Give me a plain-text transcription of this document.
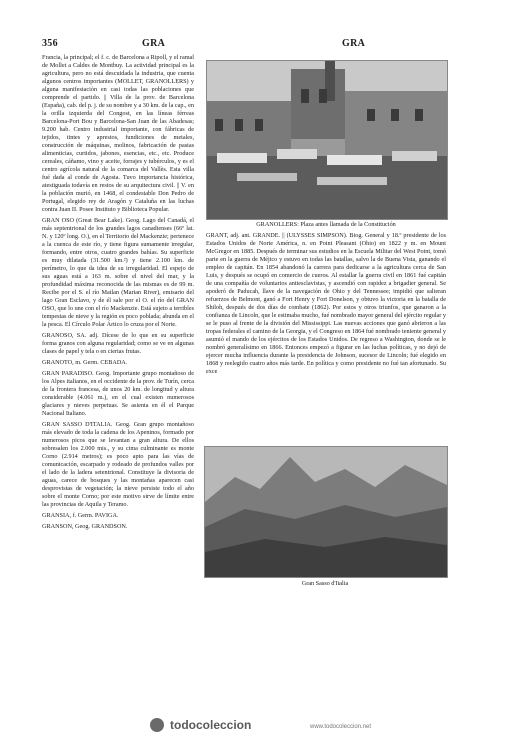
356	GRA	GRA
GRANOLLERS: Plaza antes llamada de la Constitución
Gran Sasso d'Italia

Francia, la principal; el f. c. de Barcelona a Ripoll, y el ramal de Mollet a Caldes de Montbuy. La actividad principal es la agricultura, pero no está descuidada la industria, que cuenta algunos centros importantes (MOLLET, GRANOLLERS) y alguna manifestación en casi todas las poblaciones que comprende el partido. || Villa de la prov. de Barcelona (España), cab. del p. j. de su nombre y a 30 km. de la cap., en la orilla izquierda del Congost, en las líneas férreas Barcelona-Port Bou y Barcelona-San Juan de las Abadesas; 9.200 hab. Centro industrial importante, con fábricas de tejidos, tintes y aprestos, fundiciones de metales, construcción de máquinas, molinos, fabricación de pastas alimenticias, curtidos, jabones, esencias, etc., etc. Produce cereales, cáñamo, vino y aceite, forrajes y tubérculos, y es el centro agrícola natural de la comarca del Vallès. Esta villa fué dada al conde de Agosta. Tuvo importancia histórica, atestiguada todavía en restos de su arquitectura civil. || V. en la población murió, en 1468, el condestable Don Pedro de Portugal, elegido rey de Aragón y Cataluña en las luchas contra Juan II. Posee Instituto y Biblioteca Popular.

GRAN OSO (Great Bear Lake). Geog. Lago del Canadá, el más septentrional de los grandes lagos canadienses (66º lat. N. y 120º long. O.), en el Territorio del Mackenzie; pertenece a la cuenca de este río, y tiene figura sumamente irregular, formando, entre otros, cuatro grandes bahías. Su superficie es muy dilatada (31.500 km.²) y tiene 2.100 km. de perímetro, lo que da idea de su irregularidad. El espejo de sus aguas está a 163 m. sobre el nivel del mar, y la profundidad máxima reconocida de las mismas es de 99 m. Recibe por el S. el río Matlan (Marian River), emisario del lago Gran Esclavo, y de él sale por el O. el río del GRAN OSO, que lo une con el río Mackenzie. Está sujeto a terribles tempestas de nieve y la región es poco poblada; abunda en el la pesca. El Círculo Polar Ártico lo cruza por el Norte.

GRANOSO, SA. adj. Dícese de lo que en su superficie forma granos con alguna regularidad; como se ve en algunas clases de papel y tela o en ciertas frutas.

GRANOTO, m. Germ. CEBADA.

GRAN PARADISO. Geog. Importante grupo montañoso de los Alpes italianos, en el occidente de la prov. de Turín, cerca de la frontera francesa, de unos 20 km. de longitud y altura considerable (4.061 m.), en el cual existen numerosos glaciares y nieves perpetuas. Se asienta en él el Parque Nacional Italiano.

GRAN SASSO D'ITALIA. Geog. Gran grupo montañoso más elevado de toda la cadena de los Apeninos, formado por numerosos picos que se levantan a gran altura. De ellos sobresalen los 2.000 mis., y su cima culminante es monte Corno (2.914 metros); es poco apto para las vías de comunicación, escarpado y rodeado de profundos valles por el lado de la ladera setentrional. Constituye la divisoria de aguas, carece de bosques y las montañas aparecen casi desprovistas de vegetación; la nieve persiste todo el año sobre el monte Corno; por este motivo sirve de límite entre las provincias de Aquila y Teramo.

GRANSIA, f. Germ. PAVIGA.

GRANSON, Geog. GRANDSON.

GRANT, adj. ant. GRANDE. || (ULYSSES SIMPSON). Biog. General y 18.º presidente de los Estados Unidos de Norte América, n. en Point Pleasant (Ohio) en 1822 y m. en Mount McGregor en 1885. Después de terminar sus estudios en la Escuela Militar del West Point, tomó parte en la guerra de Méjico y estuvo en todas las batallas, salvo la de Buena Vista, ganando el empleo de capitán. En 1854 abandonó la carrera para dedicarse a la agricultura cerca de San Luis, y después se ocupó en comercio de cueros. Al estallar la guerra civil en 1861 fué capitán de una compañía de voluntarios antiesclavistas, y ascendió con rapidez a brigadier general. Se apoderó de Paducah, llave de la navegación de Ohio y del Tennessee; impidió que salieran refuerzos de Belmont, ganó a Fort Henry y Fort Donelson, y obtuvo la victoria en la batalla de Shiloh, después de dos días de combate (1862). Por estos y otros triunfos, que ganaron a la confianza de Lincoln, que le estimaba mucho, fué nombrado mayor general del ejército regular y se le puso al frente de la división del Mississippi. Las nuevas acciones que ganó abrieron a las tropas federales el camino de la Georgia, y el Congreso en 1864 fué nombrado teniente general y asumió el mando de los ejércitos de los Estados Unidos. De regreso a Washington, donde se le nombró generalísimo en 1866. Entonces empezó a figurar en las luchas políticas, y no dejó de ejercer mucha influencia durante la presidencia de Johnson, sucesor de Lincoln; fué elegido en 1868 y reelegido cuatro años más tarde. En política y como presidente no fué tan afortunado. Su exce

todocoleccion	www.todocoleccion.net
